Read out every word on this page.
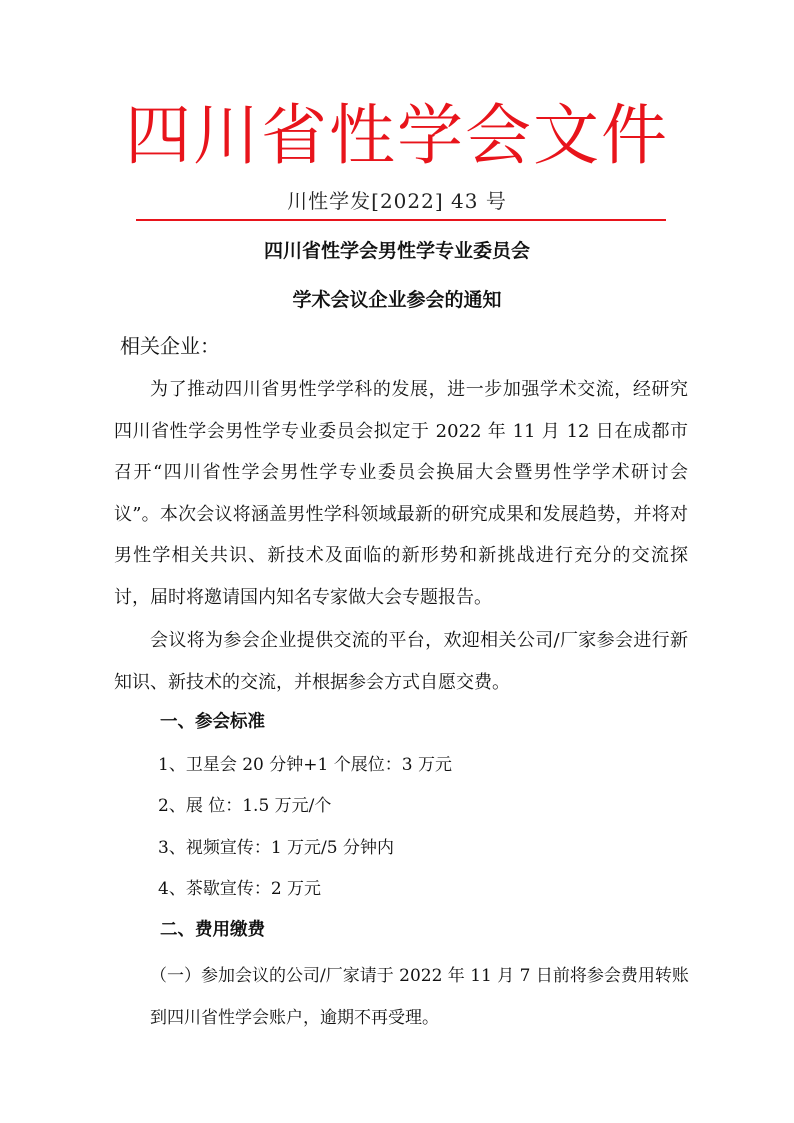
四川省性学会文件
川性学发[2022] 43 号
四川省性学会男性学专业委员会
学术会议企业参会的通知
相关企业：

为了推动四川省男性学学科的发展，进一步加强学术交流，经研究四川省性学会男性学专业委员会拟定于 2022 年 11 月 12 日在成都市召开“四川省性学会男性学专业委员会换届大会暨男性学学术研讨会议”。本次会议将涵盖男性学科领域最新的研究成果和发展趋势，并将对男性学相关共识、新技术及面临的新形势和新挑战进行充分的交流探讨，届时将邀请国内知名专家做大会专题报告。

会议将为参会企业提供交流的平台，欢迎相关公司/厂家参会进行新知识、新技术的交流，并根据参会方式自愿交费。

一、参会标准
1、卫星会 20 分钟+1 个展位：3 万元
2、展 位：1.5 万元/个
3、视频宣传：1 万元/5 分钟内
4、茶歇宣传：2 万元
二、费用缴费

（一）参加会议的公司/厂家请于 2022 年 11 月 7 日前将参会费用转账到四川省性学会账户，逾期不再受理。
